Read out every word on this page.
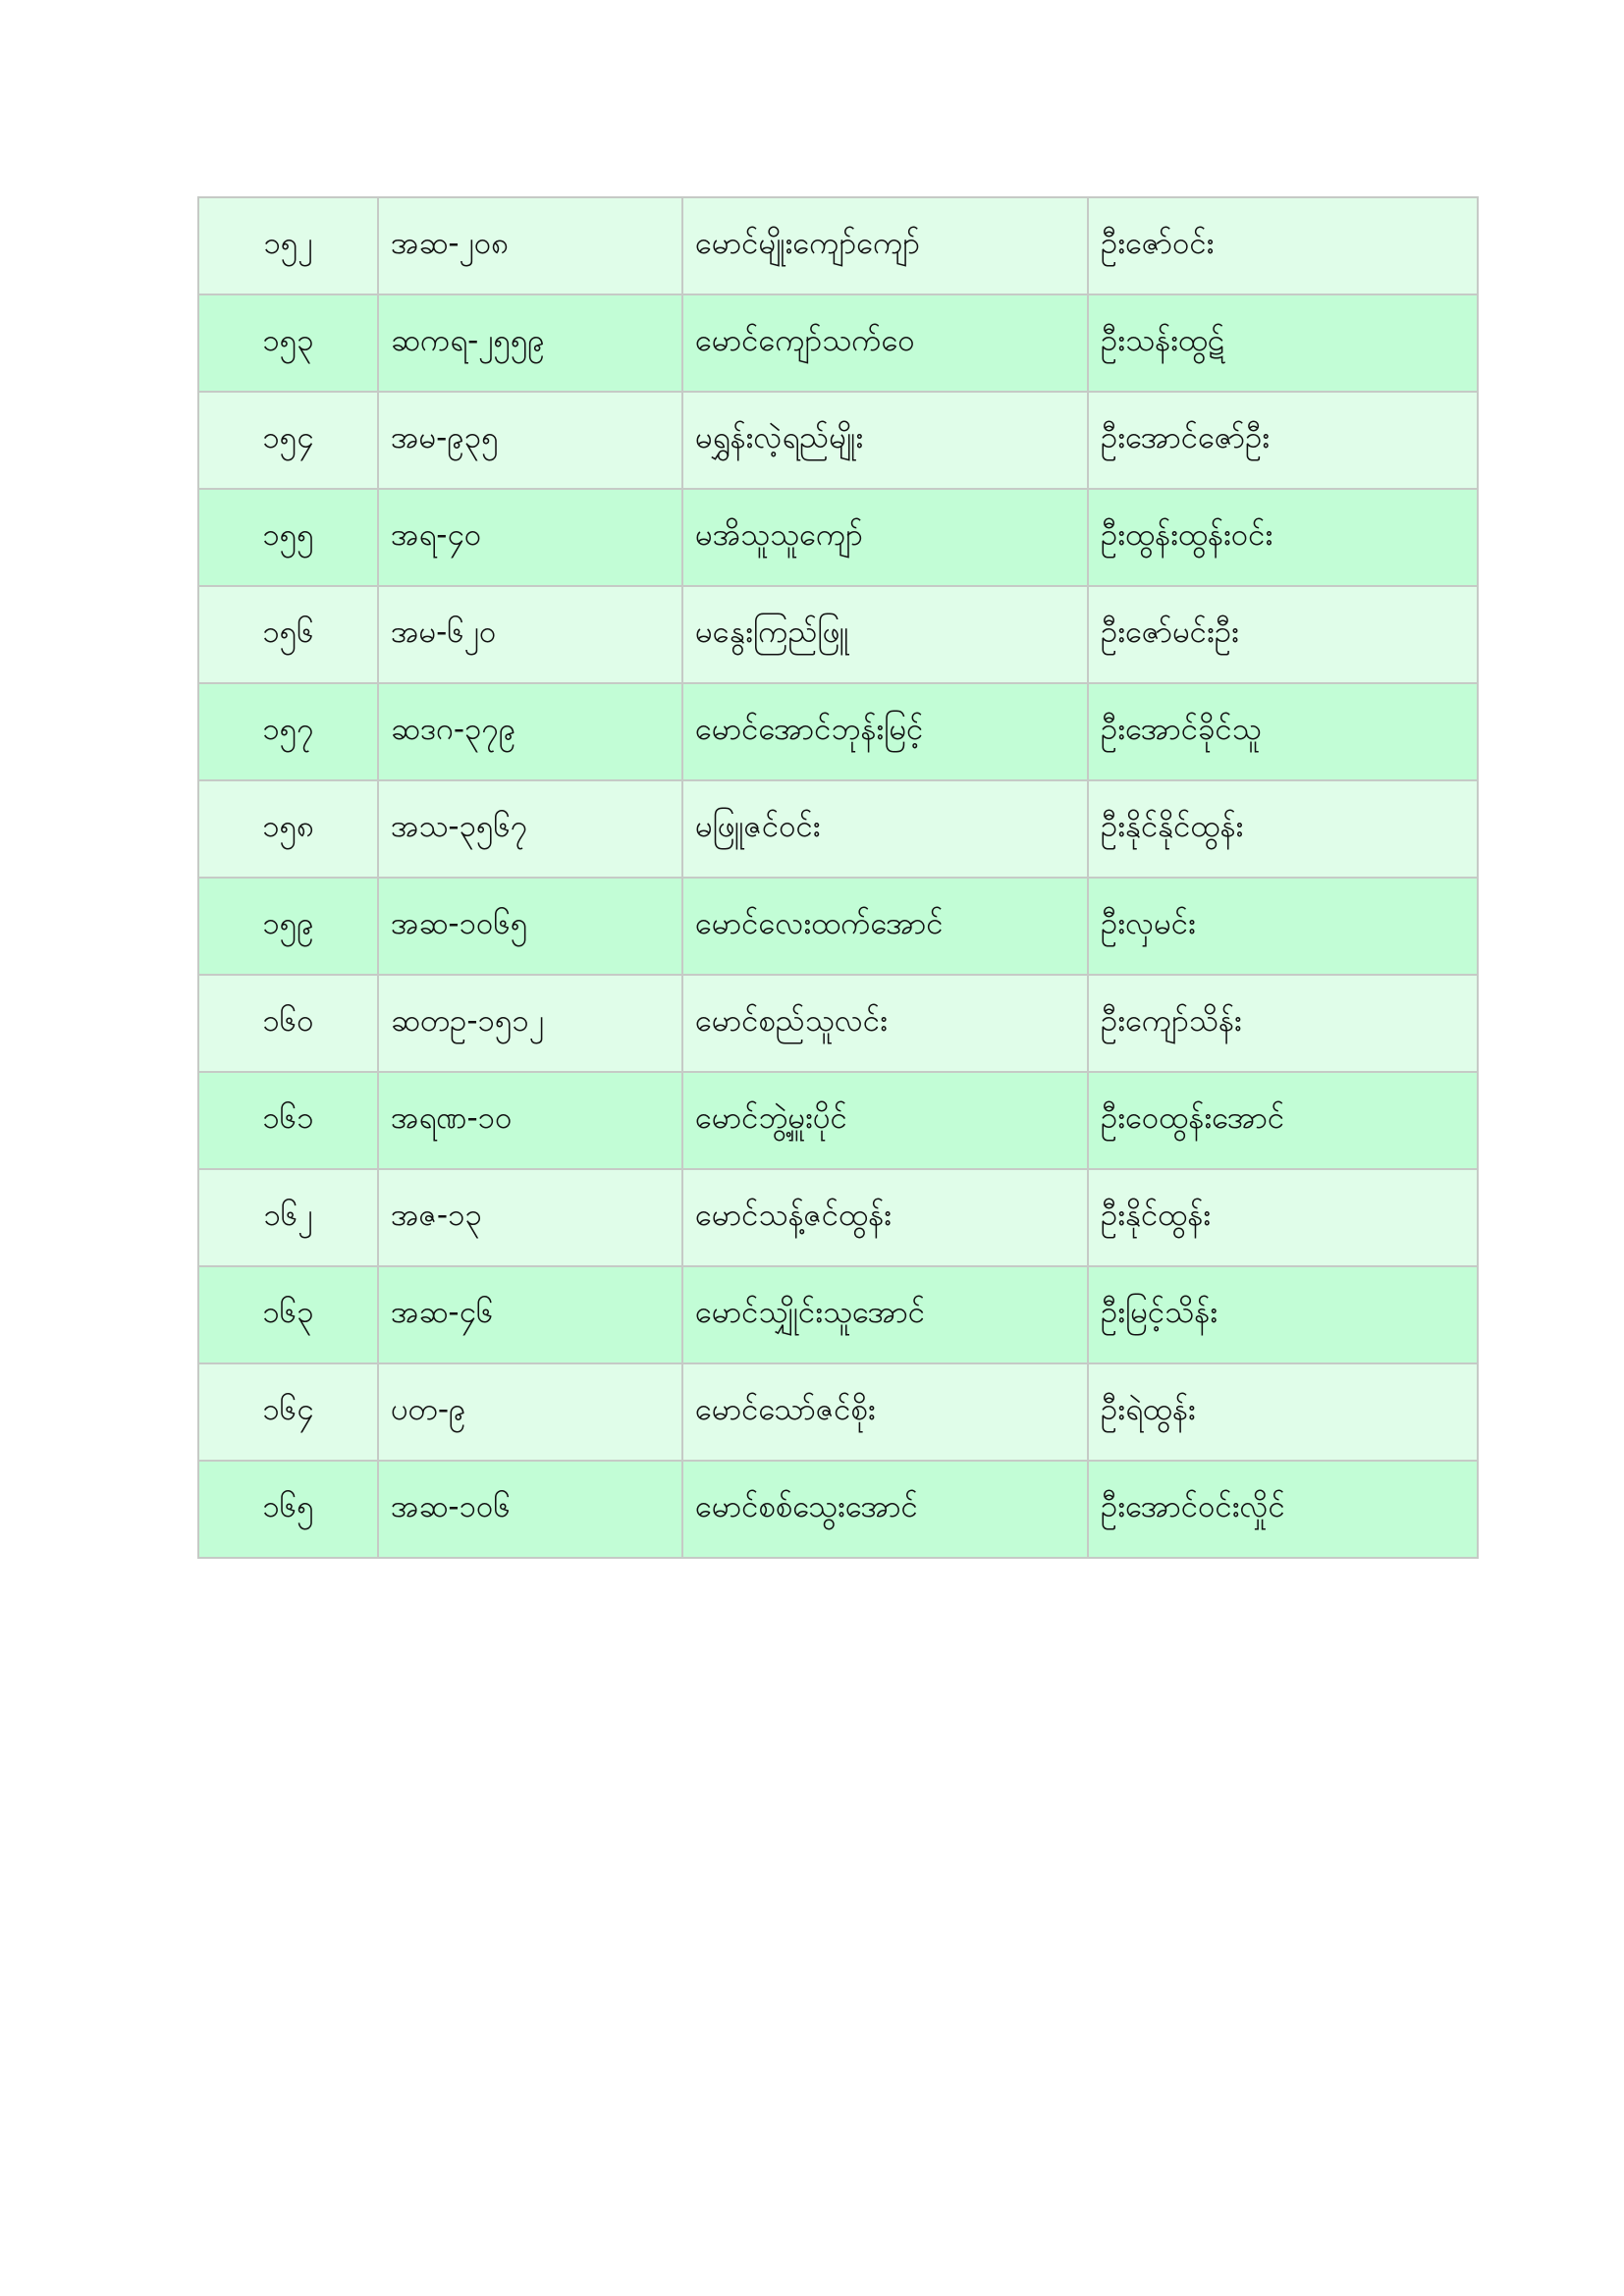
၁၅၂	အဆ-၂၀၈	မောင်မျိုးကျော်ကျော်	ဦးဇော်ဝင်း
၁၅၃	ဆကရ-၂၅၅၉	မောင်ကျော်သက်ဝေ	ဦးသန်းထွဋ်
၁၅၄	အမ-၉၃၅	မရွှန်းလဲ့ရည်မျိုး	ဦးအောင်ဇော်ဦး
၁၅၅	အရ-၄၀	မအိသူသူကျော်	ဦးထွန်းထွန်းဝင်း
၁၅၆	အမ-၆၂၀	မနွေးကြည်ဖြူ	ဦးဇော်မင်းဦး
၁၅၇	ဆဒဂ-၃၇၉	မောင်အောင်ဘုန်းမြင့်	ဦးအောင်ခိုင်သူ
၁၅၈	အသ-၃၅၆၇	မဖြူဇင်ဝင်း	ဦးနိုင်နိုင်ထွန်း
၁၅၉	အဆ-၁၀၆၅	မောင်လေးထက်အောင်	ဦးလှမင်း
၁၆၀	ဆတဥ-၁၅၁၂	မောင်စည်သူလင်း	ဦးကျော်သိန်း
၁၆၁	အရဏ-၁၀	မောင်ဘွဲ့မှူးပိုင်	ဦးဝေထွန်းအောင်
၁၆၂	အဇ-၁၃	မောင်သန့်ဇင်ထွန်း	ဦးနိုင်ထွန်း
၁၆၃	အဆ-၄၆	မောင်သျှိုင်းသူအောင်	ဦးမြင့်သိန်း
၁၆၄	ပတ-၉	မောင်သော်ဇင်စိုး	ဦးရဲထွန်း
၁၆၅	အဆ-၁၀၆	မောင်စစ်သွေးအောင်	ဦးအောင်ဝင်းလှိုင်
